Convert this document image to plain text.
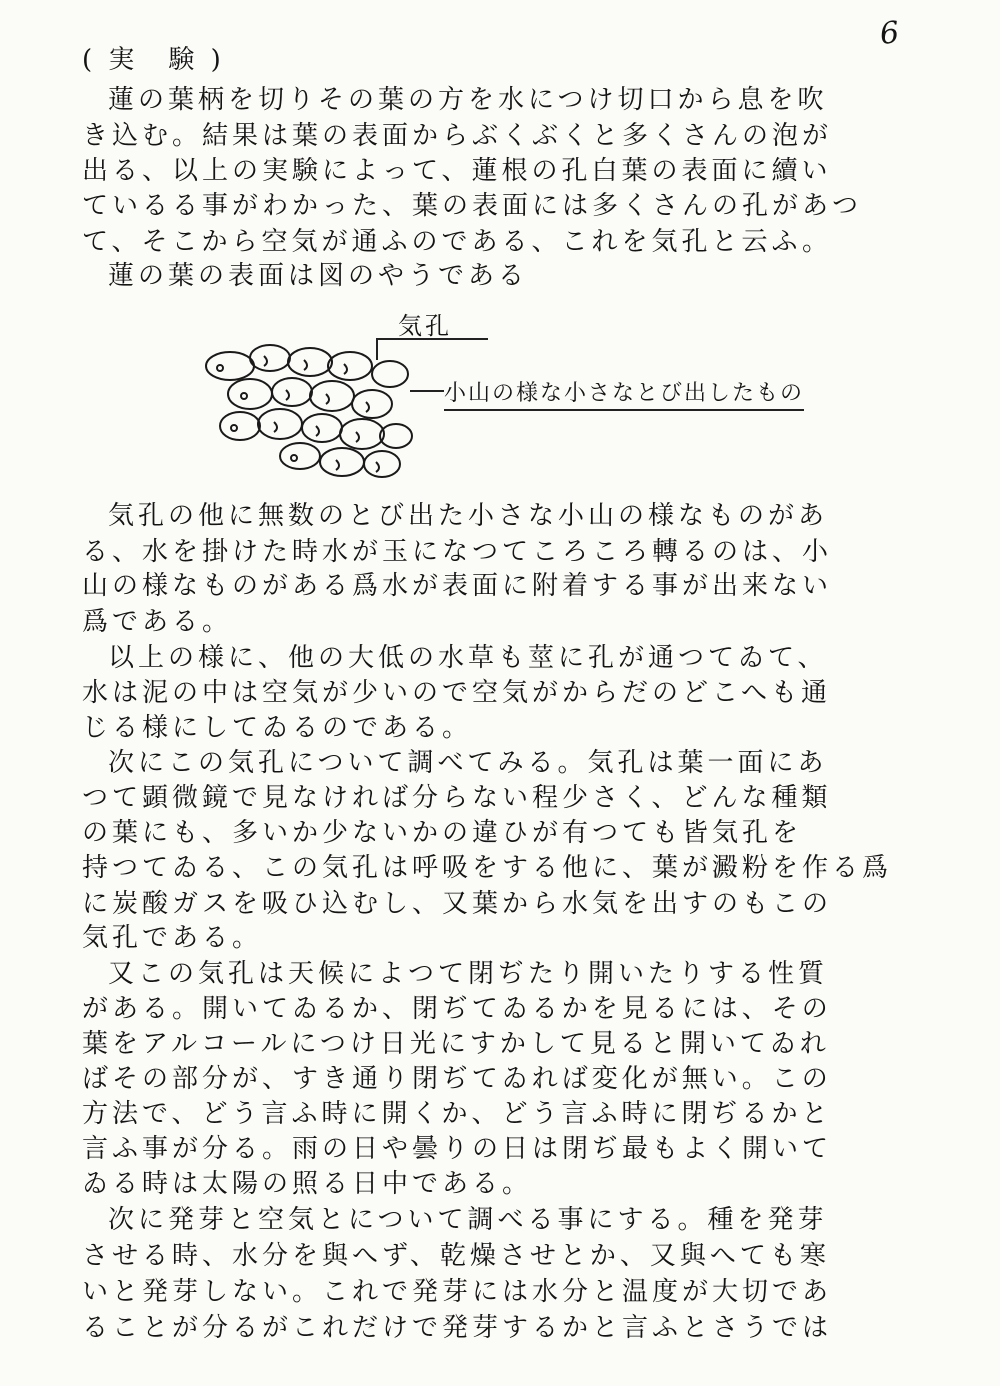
6
( 実　験 )
蓮の葉柄を切りその葉の方を水につけ切口から息を吹
き込む。結果は葉の表面からぶくぶくと多くさんの泡が
出る、以上の実験によって、蓮根の孔白葉の表面に續い
ているる事がわかった、葉の表面には多くさんの孔があつ
て、そこから空気が通ふのである、これを気孔と云ふ。
蓮の葉の表面は図のやうである
気孔
小山の様な小さなとび出したもの
気孔の他に無数のとび出た小さな小山の様なものがあ
る、水を掛けた時水が玉になつてころころ轉るのは、小
山の様なものがある爲水が表面に附着する事が出来ない
爲である。
以上の様に、他の大低の水草も莖に孔が通つてゐて、
水は泥の中は空気が少いので空気がからだのどこへも通
じる様にしてゐるのである。
次にこの気孔について調べてみる。気孔は葉一面にあ
つて顕微鏡で見なければ分らない程少さく、どんな種類
の葉にも、多いか少ないかの違ひが有つても皆気孔を
持つてゐる、この気孔は呼吸をする他に、葉が澱粉を作る爲
に炭酸ガスを吸ひ込むし、又葉から水気を出すのもこの
気孔である。
又この気孔は天候によつて閉ぢたり開いたりする性質
がある。開いてゐるか、閉ぢてゐるかを見るには、その
葉をアルコールにつけ日光にすかして見ると開いてゐれ
ばその部分が、すき通り閉ぢてゐれば変化が無い。この
方法で、どう言ふ時に開くか、どう言ふ時に閉ぢるかと
言ふ事が分る。雨の日や曇りの日は閉ぢ最もよく開いて
ゐる時は太陽の照る日中である。
次に発芽と空気とについて調べる事にする。種を発芽
させる時、水分を與へず、乾燥させとか、又與へても寒
いと発芽しない。これで発芽には水分と温度が大切であ
ることが分るがこれだけで発芽するかと言ふとさうでは
